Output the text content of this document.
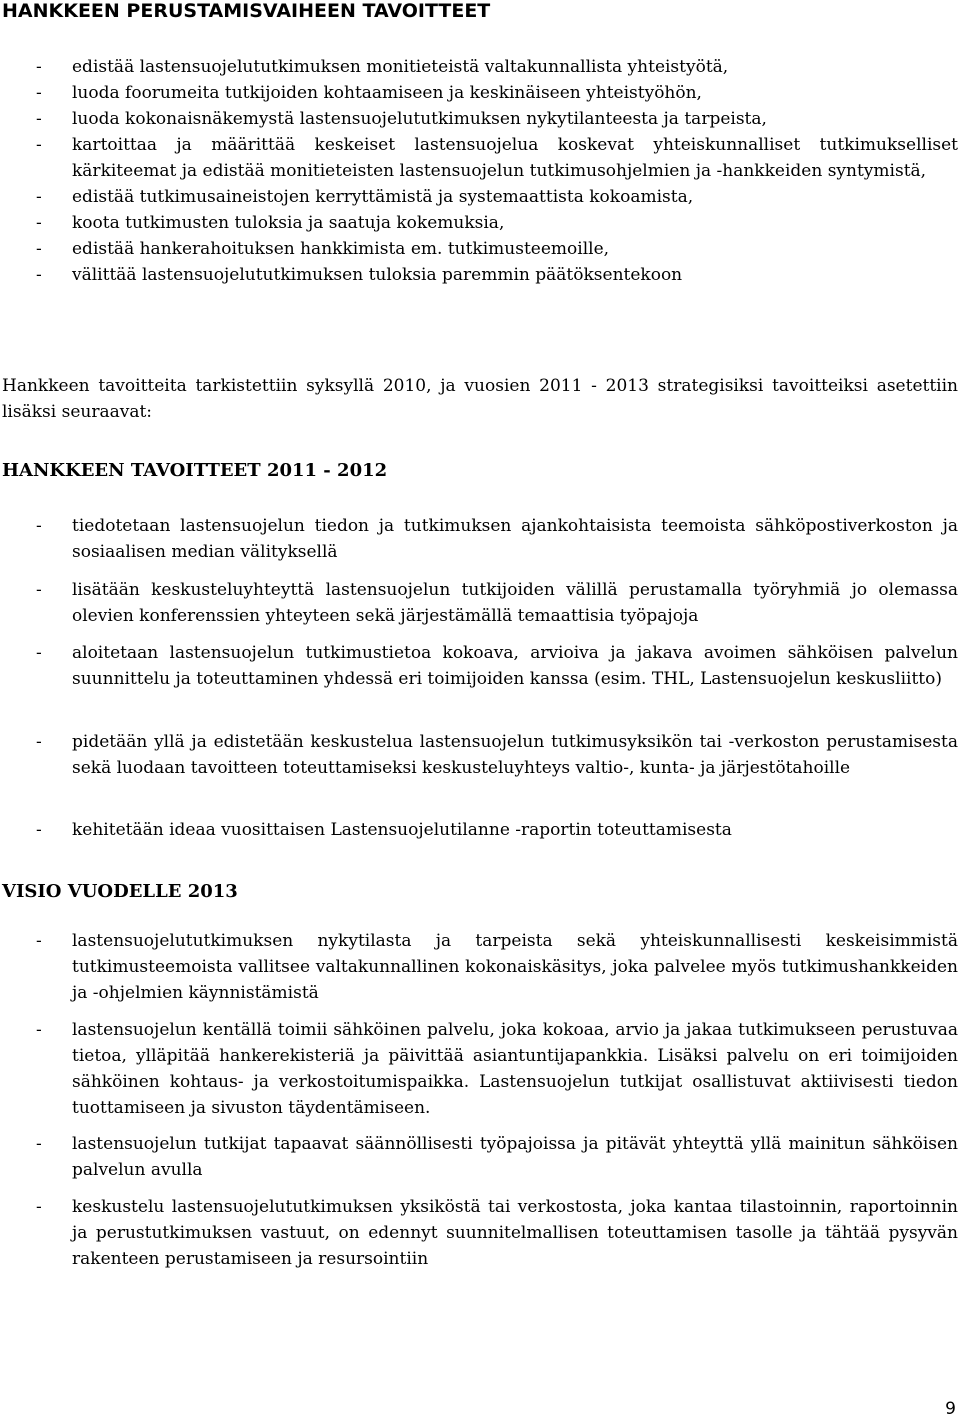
HANKKEEN PERUSTAMISVAIHEEN TAVOITTEET
- edistää lastensuojelututkimuksen monitieteistä valtakunnallista yhteistyötä,
- luoda foorumeita tutkijoiden kohtaamiseen ja keskinäiseen yhteistyöhön,
- luoda kokonaisnäkemystä lastensuojelututkimuksen nykytilanteesta ja tarpeista,
- kartoittaa ja määrittää keskeiset lastensuojelua koskevat yhteiskunnalliset tutkimukselliset kärkiteemat ja edistää monitieteisten lastensuojelun tutkimusohjelmien ja -hankkeiden syntymistä,
- edistää tutkimusaineistojen kerryttämistä ja systemaattista kokoamista,
- koota tutkimusten tuloksia ja saatuja kokemuksia,
- edistää hankerahoituksen hankkimista em. tutkimusteemoille,
- välittää lastensuojelututkimuksen tuloksia paremmin päätöksentekoon

Hankkeen tavoitteita tarkistettiin syksyllä 2010, ja vuosien 2011 - 2013 strategisiksi tavoitteiksi asetettiin lisäksi seuraavat:

HANKKEEN TAVOITTEET 2011 - 2012
- tiedotetaan lastensuojelun tiedon ja tutkimuksen ajankohtaisista teemoista sähköpostiverkoston ja sosiaalisen median välityksellä
- lisätään keskusteluyhteyttä lastensuojelun tutkijoiden välillä perustamalla työryhmiä jo olemassa olevien konferenssien yhteyteen sekä järjestämällä temaattisia työpajoja
- aloitetaan lastensuojelun tutkimustietoa kokoava, arvioiva ja jakava avoimen sähköisen palvelun suunnittelu ja toteuttaminen yhdessä eri toimijoiden kanssa (esim. THL, Lastensuojelun keskusliitto)
- pidetään yllä ja edistetään keskustelua lastensuojelun tutkimusyksikön tai -verkoston perustamisesta sekä luodaan tavoitteen toteuttamiseksi keskusteluyhteys valtio-, kunta- ja järjestötahoille
- kehitetään ideaa vuosittaisen Lastensuojelutilanne -raportin toteuttamisesta
VISIO VUODELLE 2013
- lastensuojelututkimuksen nykytilasta ja tarpeista sekä yhteiskunnallisesti keskeisimmistä tutkimusteemoista vallitsee valtakunnallinen kokonaiskäsitys, joka palvelee myös tutkimushankkeiden ja -ohjelmien käynnistämistä
- lastensuojelun kentällä toimii sähköinen palvelu, joka kokoaa, arvio ja jakaa tutkimukseen perustuvaa tietoa, ylläpitää hankerekisteriä ja päivittää asiantuntijapankkia. Lisäksi palvelu on eri toimijoiden sähköinen kohtaus- ja verkostoitumispaikka. Lastensuojelun tutkijat osallistuvat aktiivisesti tiedon tuottamiseen ja sivuston täydentämiseen.
- lastensuojelun tutkijat tapaavat säännöllisesti työpajoissa ja pitävät yhteyttä yllä mainitun sähköisen palvelun avulla
- keskustelu lastensuojelututkimuksen yksiköstä tai verkostosta, joka kantaa tilastoinnin, raportoinnin ja perustutkimuksen vastuut, on edennyt suunnitelmallisen toteuttamisen tasolle ja tähtää pysyvän rakenteen perustamiseen ja resursointiin
9
